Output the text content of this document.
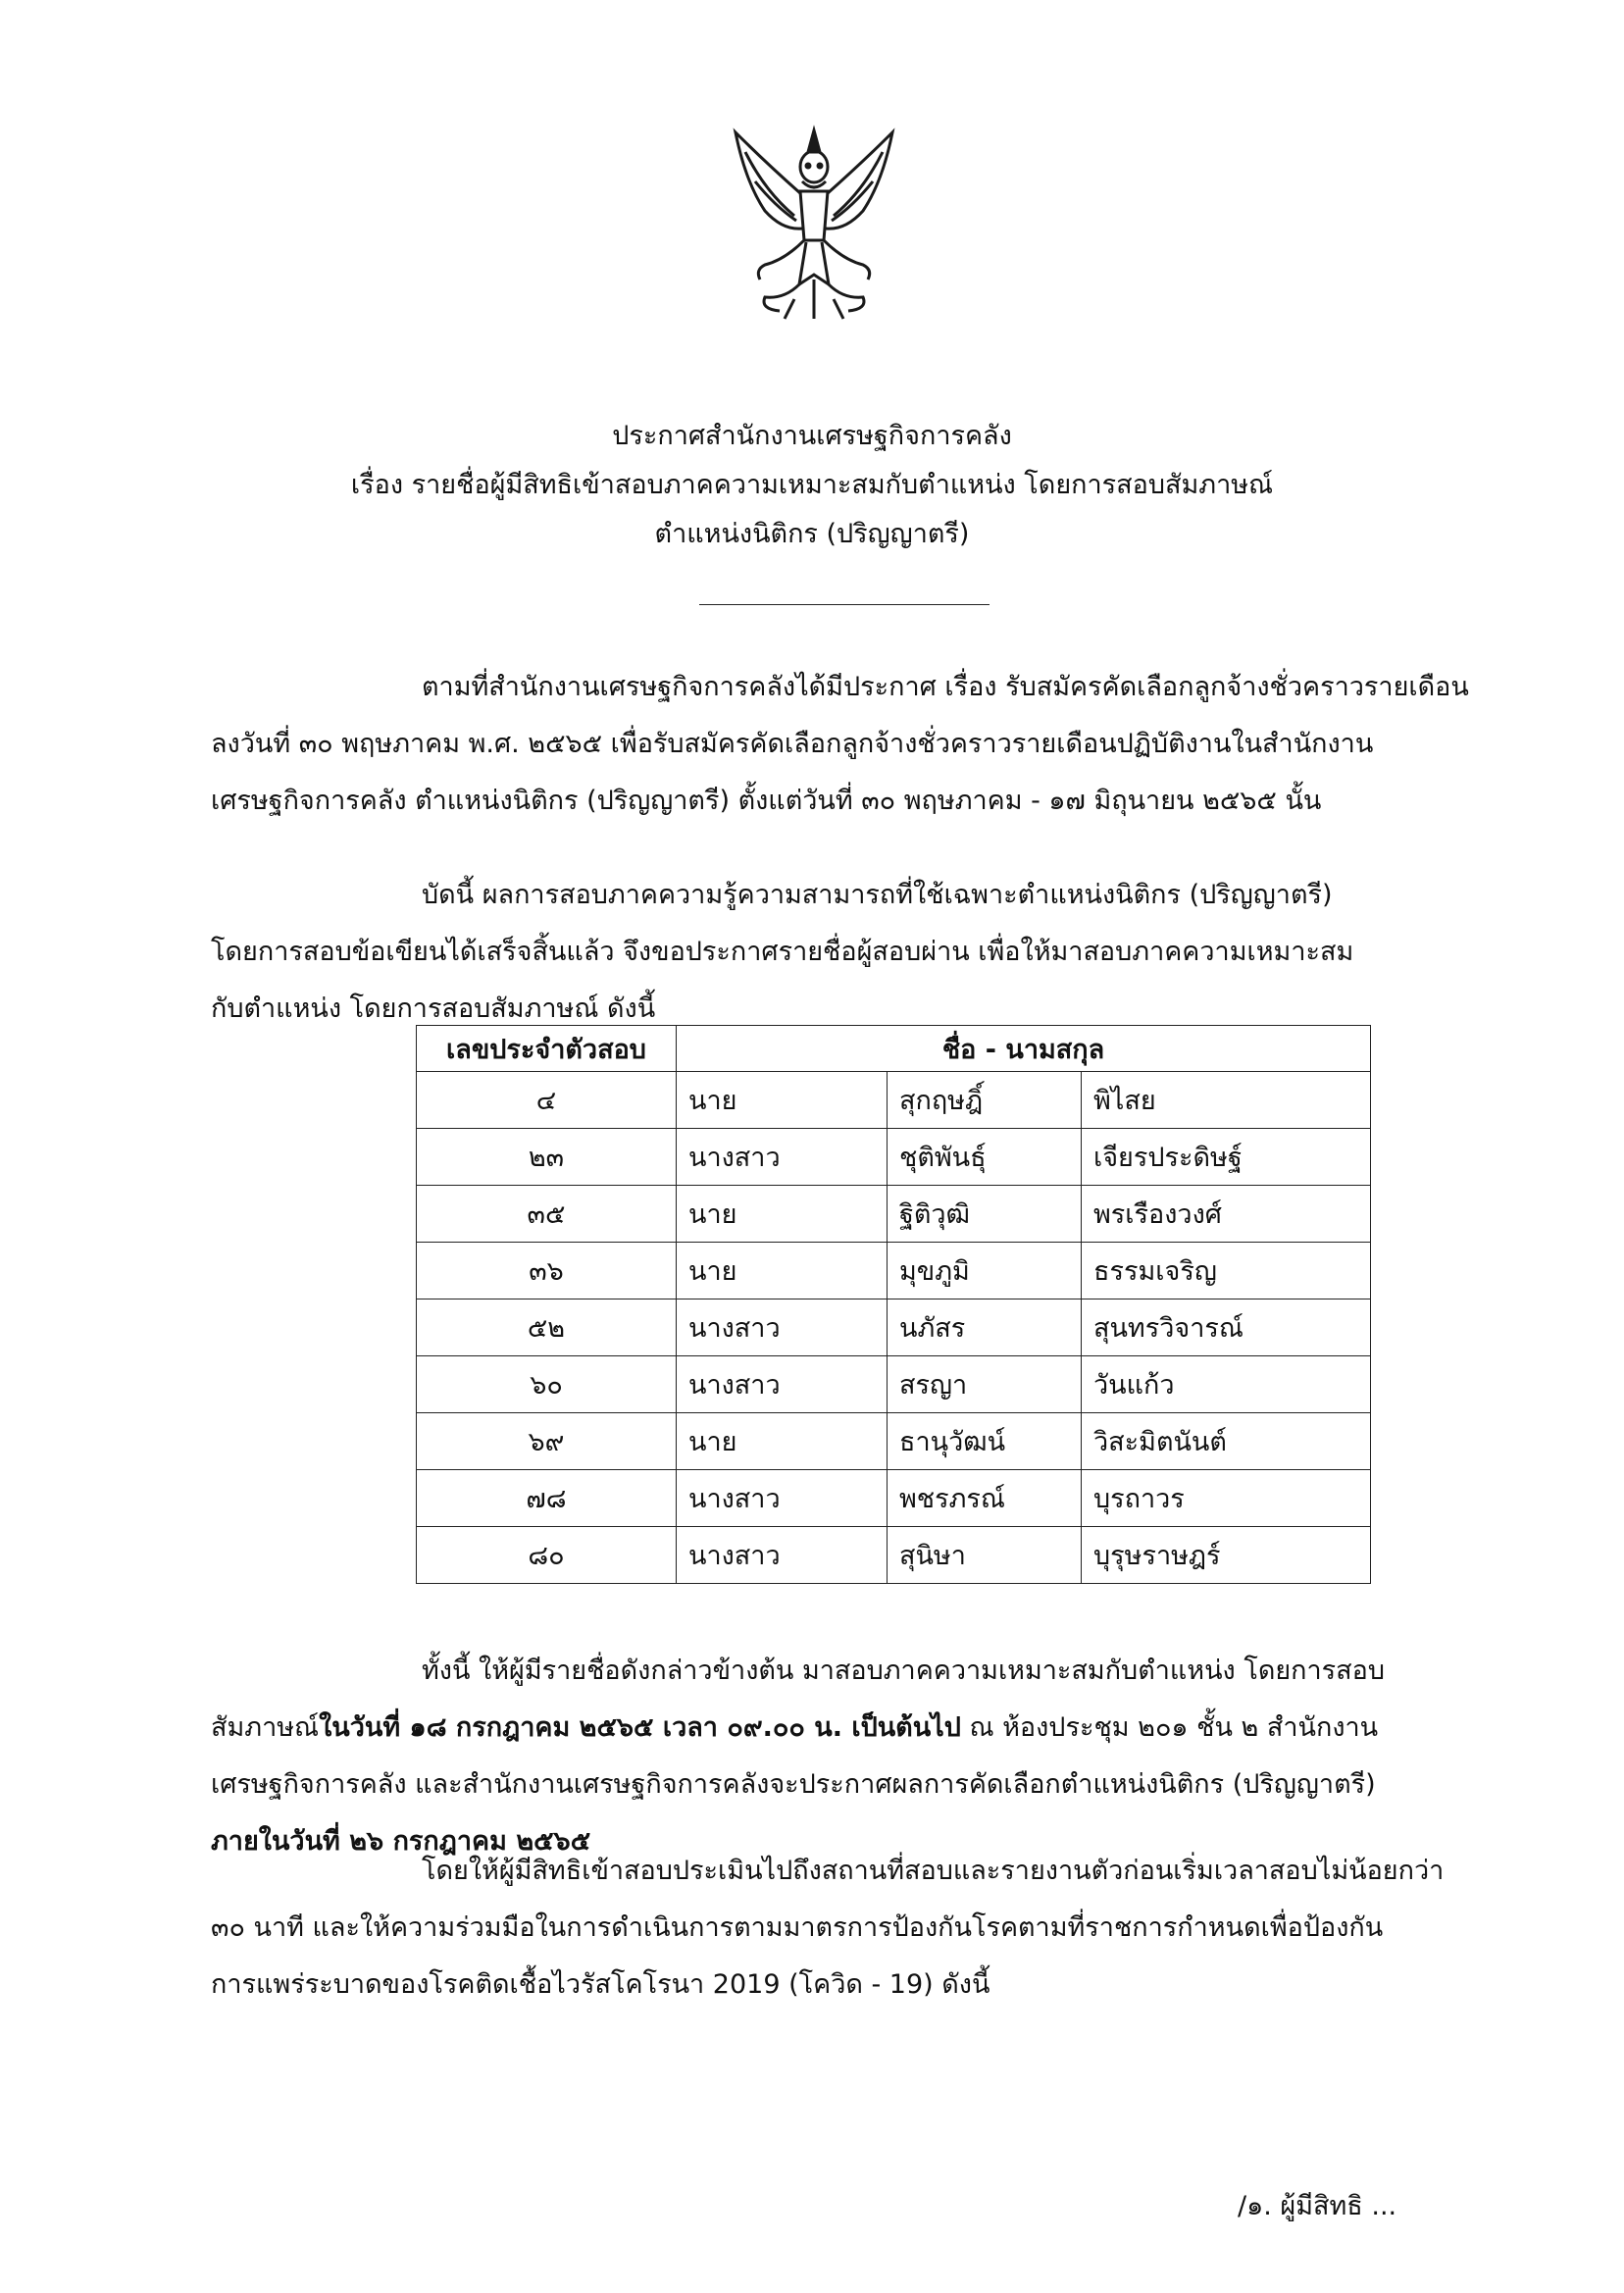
ประกาศสำนักงานเศรษฐกิจการคลัง
เรื่อง รายชื่อผู้มีสิทธิเข้าสอบภาคความเหมาะสมกับตำแหน่ง โดยการสอบสัมภาษณ์
ตำแหน่งนิติกร (ปริญญาตรี)
ตามที่สำนักงานเศรษฐกิจการคลังได้มีประกาศ เรื่อง รับสมัครคัดเลือกลูกจ้างชั่วคราวรายเดือน
ลงวันที่ ๓๐ พฤษภาคม พ.ศ. ๒๕๖๕ เพื่อรับสมัครคัดเลือกลูกจ้างชั่วคราวรายเดือนปฏิบัติงานในสำนักงาน
เศรษฐกิจการคลัง ตำแหน่งนิติกร (ปริญญาตรี) ตั้งแต่วันที่ ๓๐ พฤษภาคม - ๑๗ มิถุนายน ๒๕๖๕ นั้น
บัดนี้ ผลการสอบภาคความรู้ความสามารถที่ใช้เฉพาะตำแหน่งนิติกร (ปริญญาตรี)
โดยการสอบข้อเขียนได้เสร็จสิ้นแล้ว จึงขอประกาศรายชื่อผู้สอบผ่าน เพื่อให้มาสอบภาคความเหมาะสม
กับตำแหน่ง โดยการสอบสัมภาษณ์ ดังนี้
เลขประจำตัวสอบ	ชื่อ - นามสกุล		
๔	นาย	สุกฤษฎิ์	พิไสย
๒๓	นางสาว	ชุติพันธุ์	เจียรประดิษฐ์
๓๕	นาย	ฐิติวุฒิ	พรเรืองวงศ์
๓๖	นาย	มุขภูมิ	ธรรมเจริญ
๕๒	นางสาว	นภัสร	สุนทรวิจารณ์
๖๐	นางสาว	สรญา	วันแก้ว
๖๙	นาย	ธานุวัฒน์	วิสะมิตนันต์
๗๘	นางสาว	พชรภรณ์	บุรถาวร
๘๐	นางสาว	สุนิษา	บุรุษราษฎร์
ทั้งนี้ ให้ผู้มีรายชื่อดังกล่าวข้างต้น มาสอบภาคความเหมาะสมกับตำแหน่ง โดยการสอบ
สัมภาษณ์ในวันที่ ๑๘ กรกฎาคม ๒๕๖๕ เวลา ๐๙.๐๐ น. เป็นต้นไป ณ ห้องประชุม ๒๐๑ ชั้น ๒ สำนักงาน
เศรษฐกิจการคลัง และสำนักงานเศรษฐกิจการคลังจะประกาศผลการคัดเลือกตำแหน่งนิติกร (ปริญญาตรี)
ภายในวันที่ ๒๖ กรกฎาคม ๒๕๖๕
โดยให้ผู้มีสิทธิเข้าสอบประเมินไปถึงสถานที่สอบและรายงานตัวก่อนเริ่มเวลาสอบไม่น้อยกว่า
๓๐ นาที และให้ความร่วมมือในการดำเนินการตามมาตรการป้องกันโรคตามที่ราชการกำหนดเพื่อป้องกัน
การแพร่ระบาดของโรคติดเชื้อไวรัสโคโรนา 2019 (โควิด - 19) ดังนี้
/๑. ผู้มีสิทธิ ...
